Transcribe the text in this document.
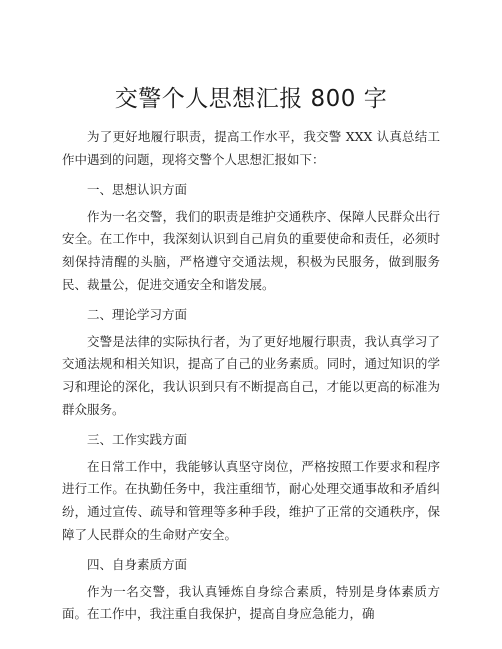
交警个人思想汇报 800 字

为了更好地履行职责，提高工作水平，我交警 XXX 认真总结工作中遇到的问题，现将交警个人思想汇报如下：

一、思想认识方面

作为一名交警，我们的职责是维护交通秩序、保障人民群众出行安全。在工作中，我深刻认识到自己肩负的重要使命和责任，必须时刻保持清醒的头脑，严格遵守交通法规，积极为民服务，做到服务民、裁量公，促进交通安全和谐发展。

二、理论学习方面

交警是法律的实际执行者，为了更好地履行职责，我认真学习了交通法规和相关知识，提高了自己的业务素质。同时，通过知识的学习和理论的深化，我认识到只有不断提高自己，才能以更高的标准为群众服务。

三、工作实践方面

在日常工作中，我能够认真坚守岗位，严格按照工作要求和程序进行工作。在执勤任务中，我注重细节，耐心处理交通事故和矛盾纠纷，通过宣传、疏导和管理等多种手段，维护了正常的交通秩序，保障了人民群众的生命财产安全。

四、自身素质方面

作为一名交警，我认真锤炼自身综合素质，特别是身体素质方面。在工作中，我注重自我保护，提高自身应急能力，确
